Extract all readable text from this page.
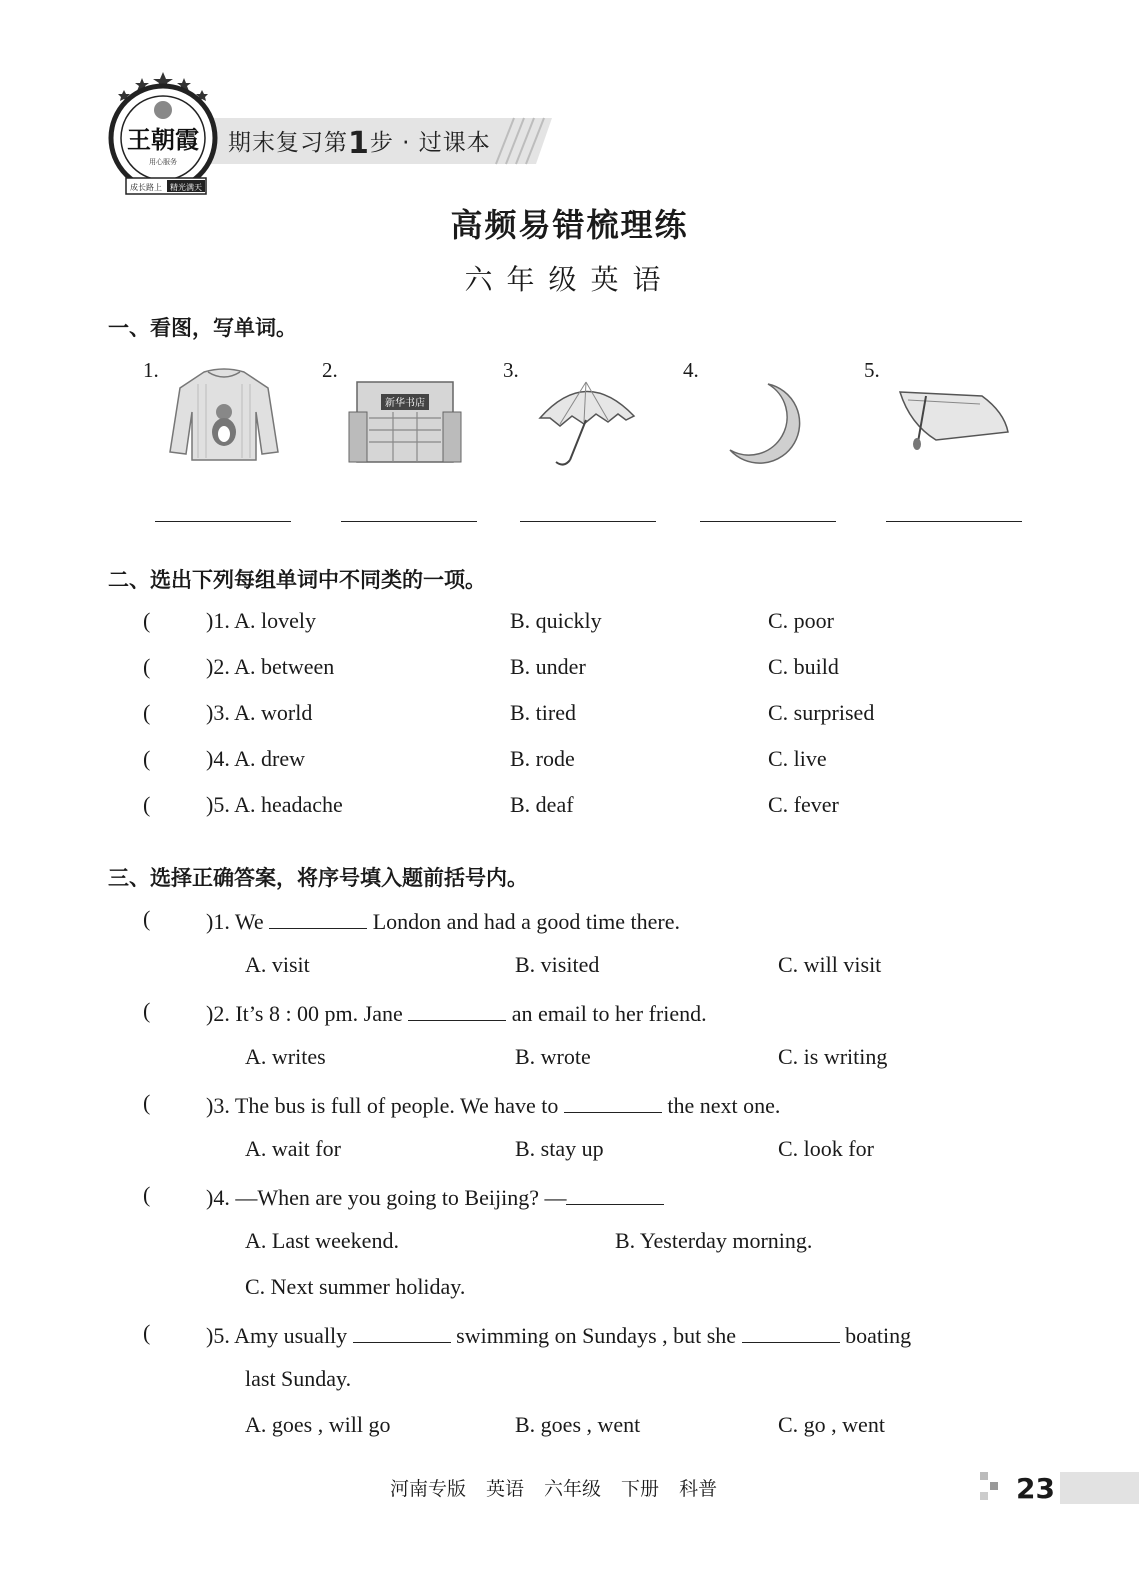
期末复习第1步 · 过课本
王朝霞
用心服务
成长路上 精光满天
高频易错梳理练
六年级英语
一、看图，写单词。
1.	2.	3.	4.	5.
新华书店
二、选出下列每组单词中不同类的一项。
(	)1. A. lovely	B. quickly	C. poor
(	)2. A. between	B. under	C. build
(	)3. A. world	B. tired	C. surprised
(	)4. A. drew	B. rode	C. live
(	)5. A. headache	B. deaf	C. fever
三、选择正确答案，将序号填入题前括号内。
(	)1. We	London and had a good time there.
A. visit	B. visited	C. will visit
(	)2. It’s 8 : 00 pm. Jane	an email to her friend.
A. writes	B. wrote	C. is writing
(	)3. The bus is full of people. We have to	the next one.
A. wait for	B. stay up	C. look for
(	)4. —When are you going to Beijing? —
A. Last weekend.	B. Yesterday morning.
C. Next summer holiday.
(	)5. Amy usually	swimming on Sundays , but she	boating
last Sunday.
A. goes , will go	B. goes , went	C. go , went
河南专版 英语 六年级 下册 科普	23
